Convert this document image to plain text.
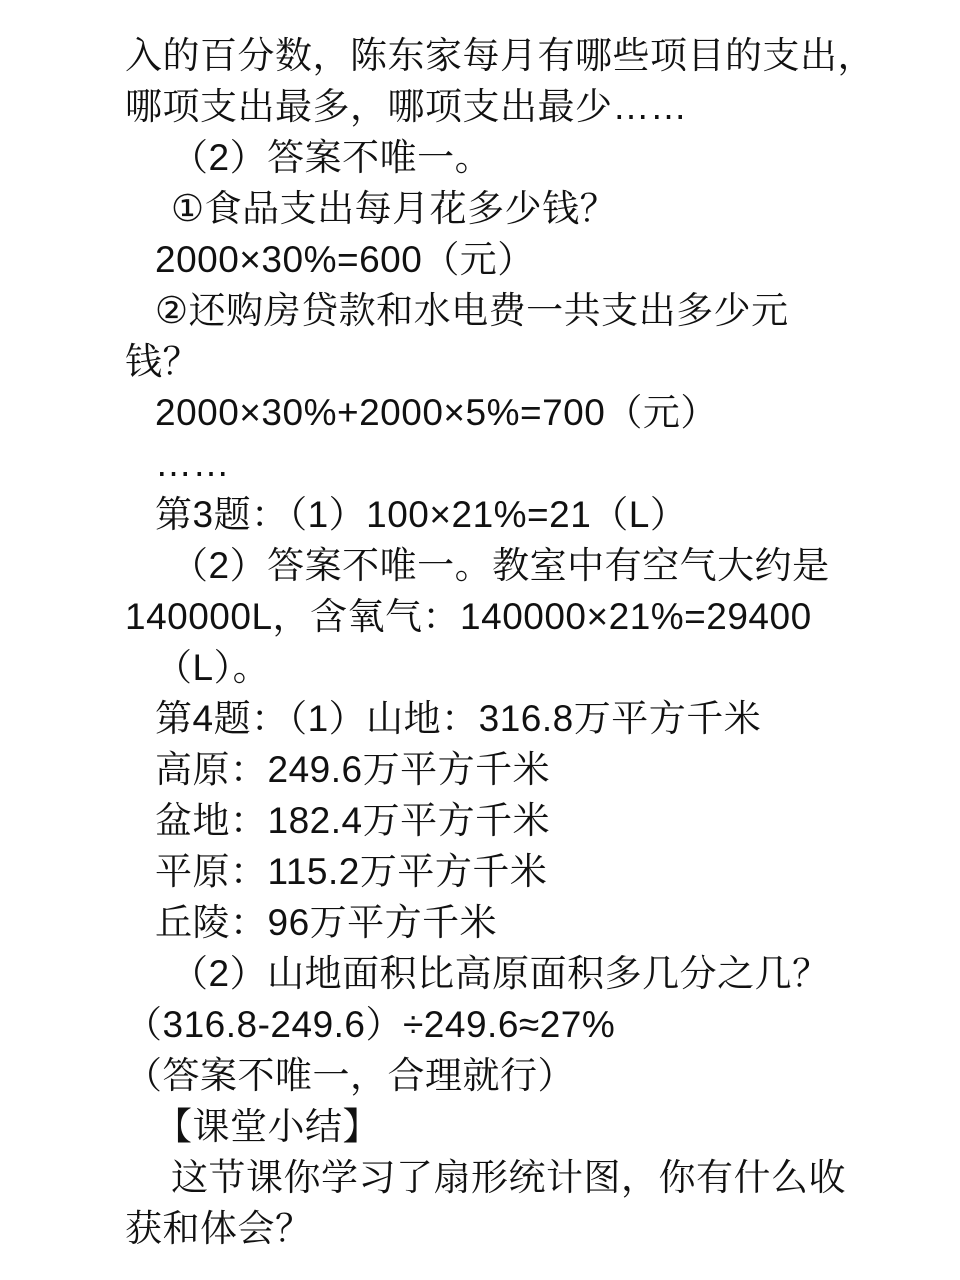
入的百分数，陈东家每月有哪些项目的支出，
哪项支出最多，哪项支出最少……
（2）答案不唯一。
①食品支出每月花多少钱？
2000×30%=600（元）
②还购房贷款和水电费一共支出多少元
钱？
2000×30%+2000×5%=700（元）
……
第3题：（1）100×21%=21（L）
（2）答案不唯一。教室中有空气大约是
140000L，含氧气：140000×21%=29400
（L）。
第4题：（1）山地：316.8万平方千米
高原：249.6万平方千米
盆地：182.4万平方千米
平原：115.2万平方千米
丘陵：96万平方千米
（2）山地面积比高原面积多几分之几？
（316.8-249.6）÷249.6≈27%
（答案不唯一，合理就行）
【课堂小结】
这节课你学习了扇形统计图，你有什么收
获和体会？
